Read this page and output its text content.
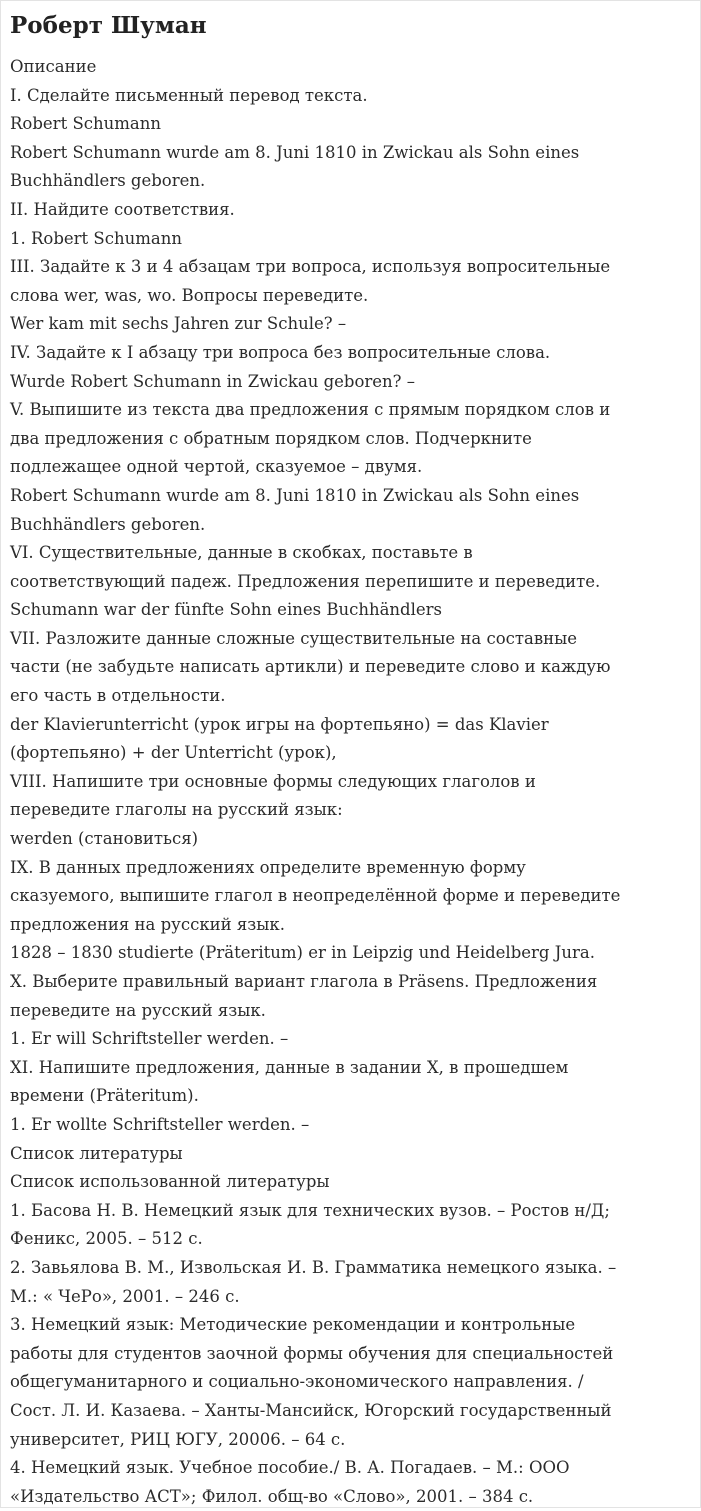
Роберт Шуман

Описание

I. Сделайте письменный перевод текста.

Robert Schumann

Robert Schumann wurde am 8. Juni 1810 in Zwickau als Sohn eines

Buchhändlers geboren.

II. Найдите соответствия.

1. Robert Schumann

III. Задайте к 3 и 4 абзацам три вопроса, используя вопросительные

слова wer, was, wo. Вопросы переведите.

Wer kam mit sechs Jahren zur Schule? –

IV. Задайте к I абзацу три вопроса без вопросительные слова.

Wurde Robert Schumann in Zwickau geboren? –

V. Выпишите из текста два предложения с прямым порядком слов и

два предложения с обратным порядком слов. Подчеркните

подлежащее одной чертой, сказуемое – двумя.

Robert Schumann wurde am 8. Juni 1810 in Zwickau als Sohn eines

Buchhändlers geboren.

VI. Существительные, данные в скобках, поставьте в

соответствующий падеж. Предложения перепишите и переведите.

Schumann war der fünfte Sohn eines Buchhändlers

VII. Разложите данные сложные существительные на составные

части (не забудьте написать артикли) и переведите слово и каждую

его часть в отдельности.

der Klavierunterricht (урок игры на фортепьяно) = das Klavier

(фортепьяно) + der Unterricht (урок),

VIII. Напишите три основные формы следующих глаголов и

переведите глаголы на русский язык:

werden (становиться)

IX. В данных предложениях определите временную форму

сказуемого, выпишите глагол в неопределённой форме и переведите

предложения на русский язык.

1828 – 1830 studierte (Präteritum) er in Leipzig und Heidelberg Jura.

X. Выберите правильный вариант глагола в Präsens. Предложения

переведите на русский язык.

1. Er will Schriftsteller werden. –

XI. Напишите предложения, данные в задании X, в прошедшем

времени (Präteritum).

1. Er wollte Schriftsteller werden. –

Список литературы

Список использованной литературы

1. Басова Н. В. Немецкий язык для технических вузов. – Ростов н/Д;

Феникс, 2005. – 512 с.

2. Завьялова В. М., Извольская И. В. Грамматика немецкого языка. –

М.: « ЧеРо», 2001. – 246 с.

3. Немецкий язык: Методические рекомендации и контрольные

работы для студентов заочной формы обучения для специальностей

общегуманитарного и социально-экономического направления. /

Сост. Л. И. Казаева. – Ханты-Мансийск, Югорский государственный

университет, РИЦ ЮГУ, 20006. – 64 с.

4. Немецкий язык. Учебное пособие./ В. А. Погадаев. – М.: ООО

«Издательство АСТ»; Филол. общ-во «Слово», 2001. – 384 с.
